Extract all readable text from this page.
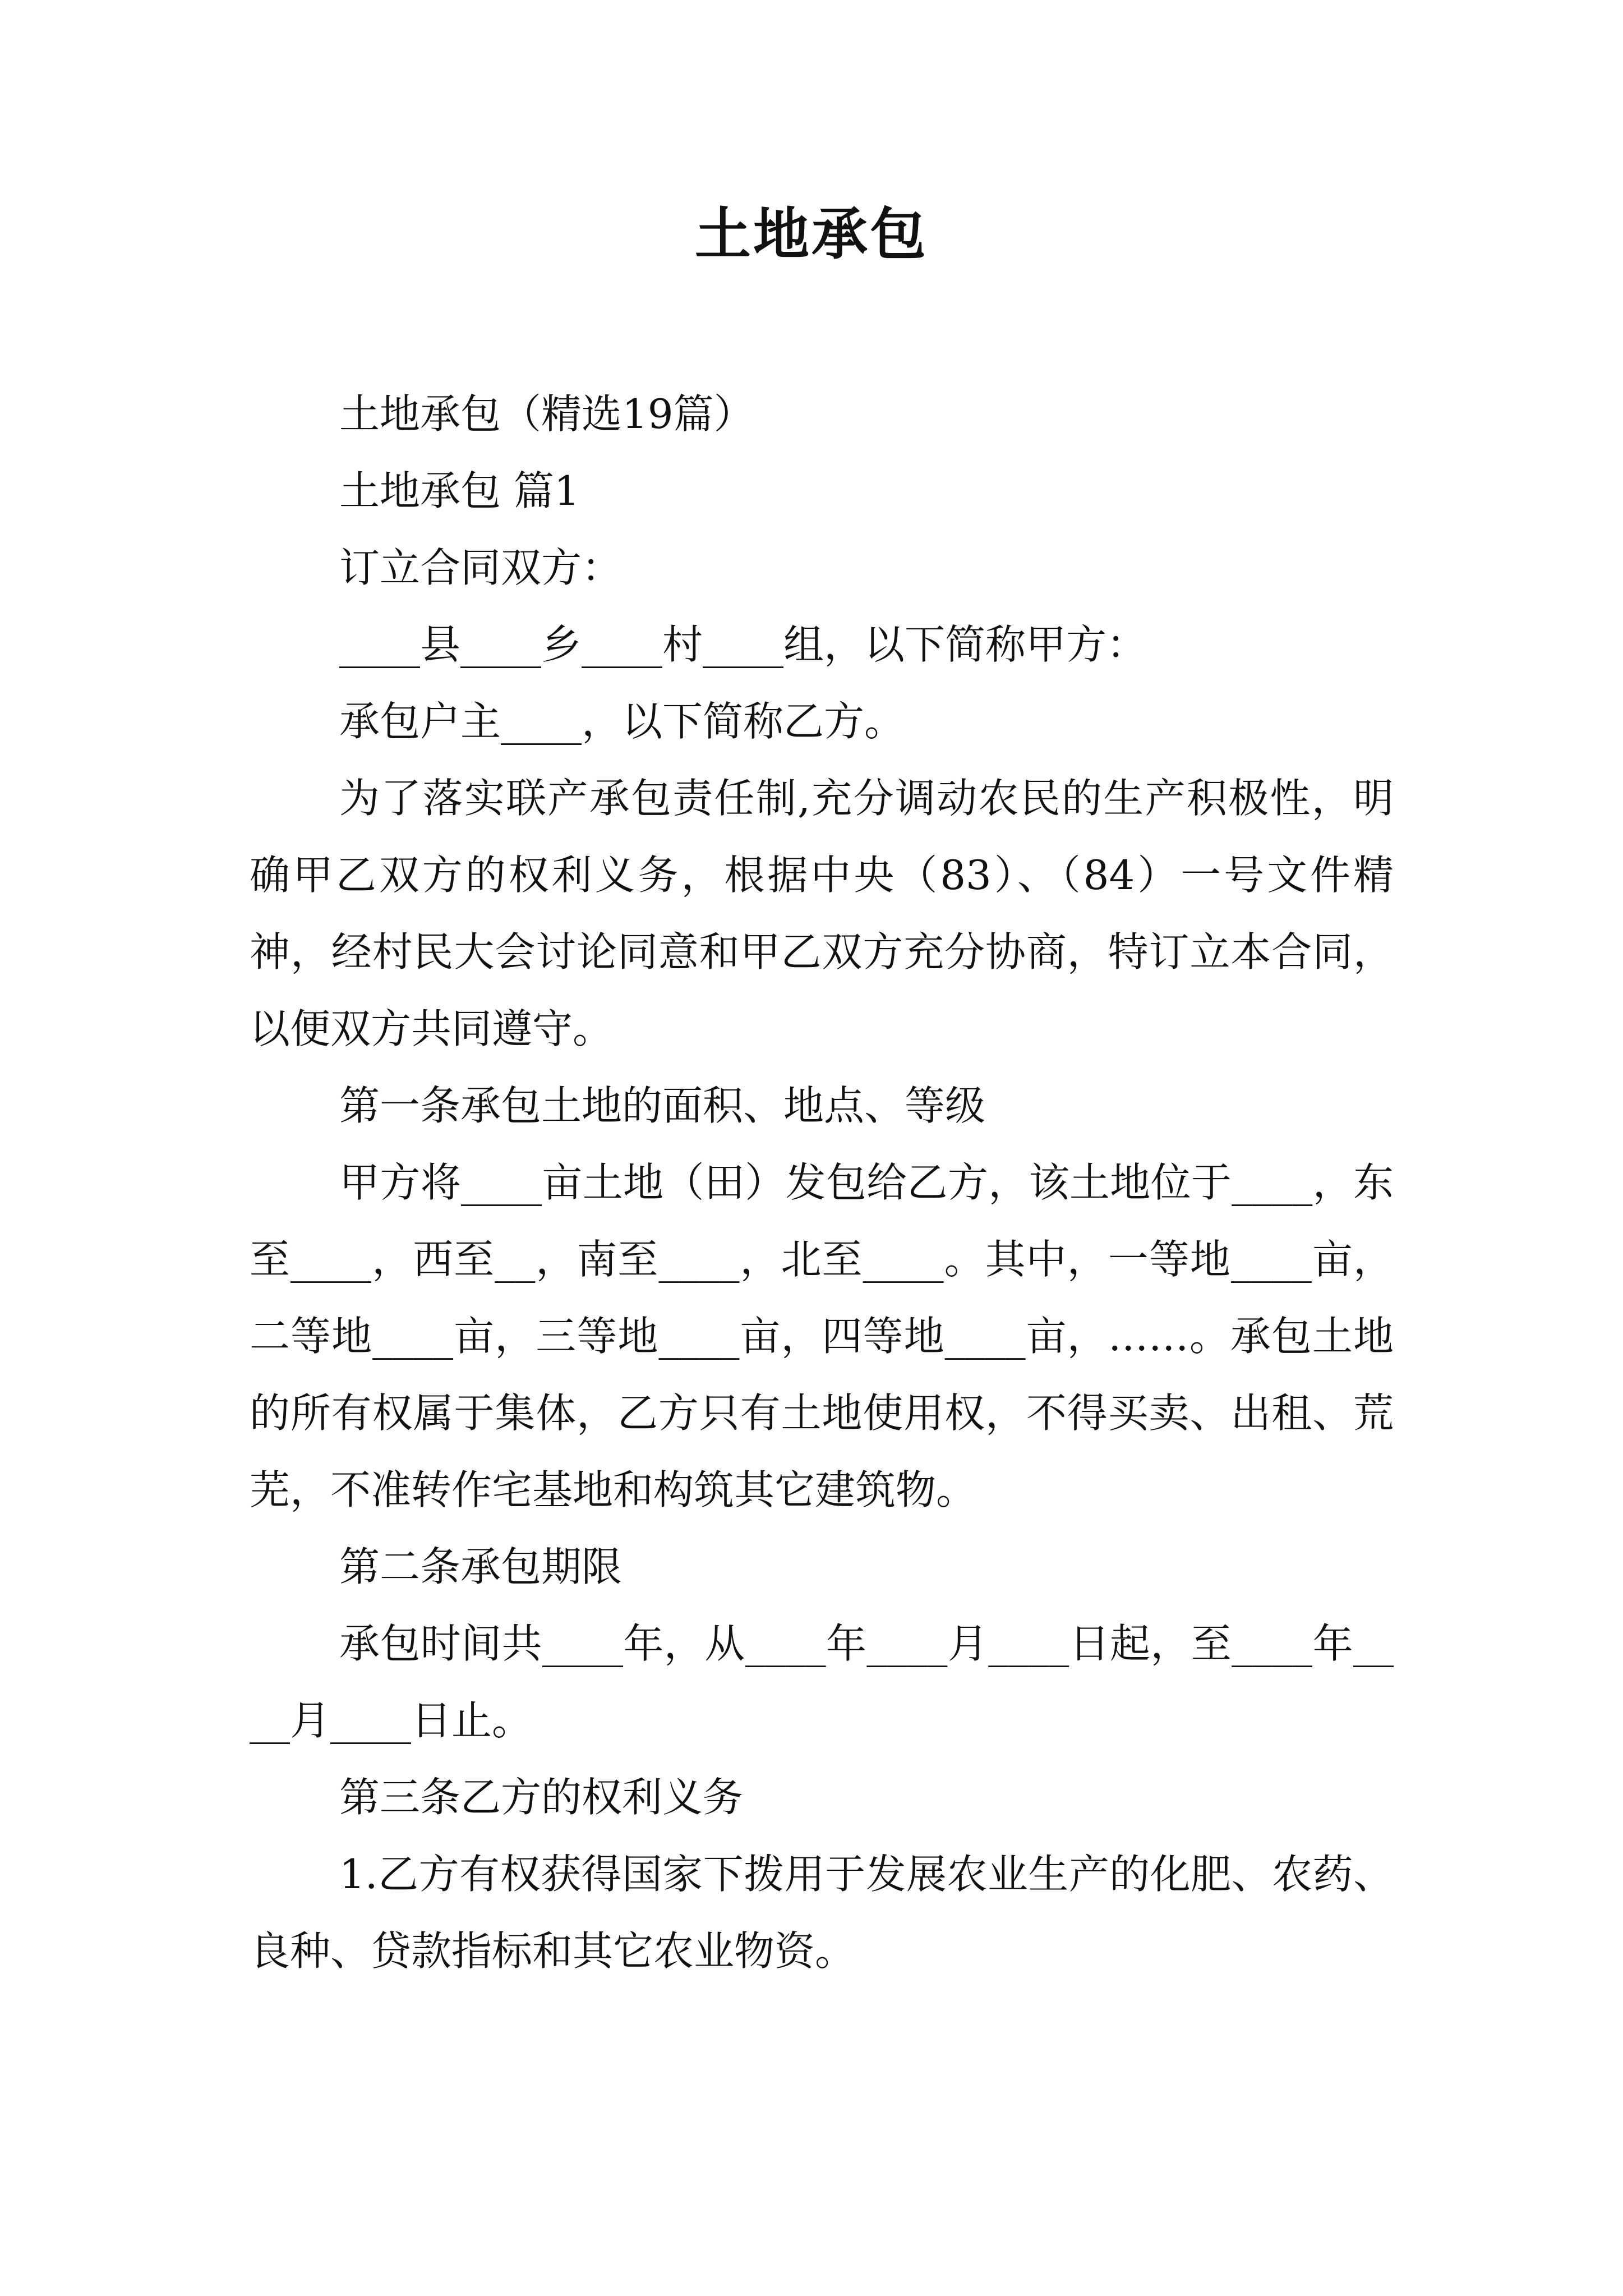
土地承包

土地承包（精选19篇）

土地承包 篇1

订立合同双方：

____县____乡____村____组，以下简称甲方：

承包户主____，以下简称乙方。

为了落实联产承包责任制,充分调动农民的生产积极性，明确甲乙双方的权利义务，根据中央（83）、（84）一号文件精神，经村民大会讨论同意和甲乙双方充分协商，特订立本合同，以便双方共同遵守。

第一条承包土地的面积、地点、等级

甲方将____亩土地（田）发包给乙方，该土地位于____，东至____，西至__，南至____，北至____。其中，一等地____亩，二等地____亩，三等地____亩，四等地____亩，……。承包土地的所有权属于集体，乙方只有土地使用权，不得买卖、出租、荒芜，不准转作宅基地和构筑其它建筑物。

第二条承包期限

承包时间共____年，从____年____月____日起，至____年____月____日止。

第三条乙方的权利义务

1.乙方有权获得国家下拨用于发展农业生产的化肥、农药、良种、贷款指标和其它农业物资。
